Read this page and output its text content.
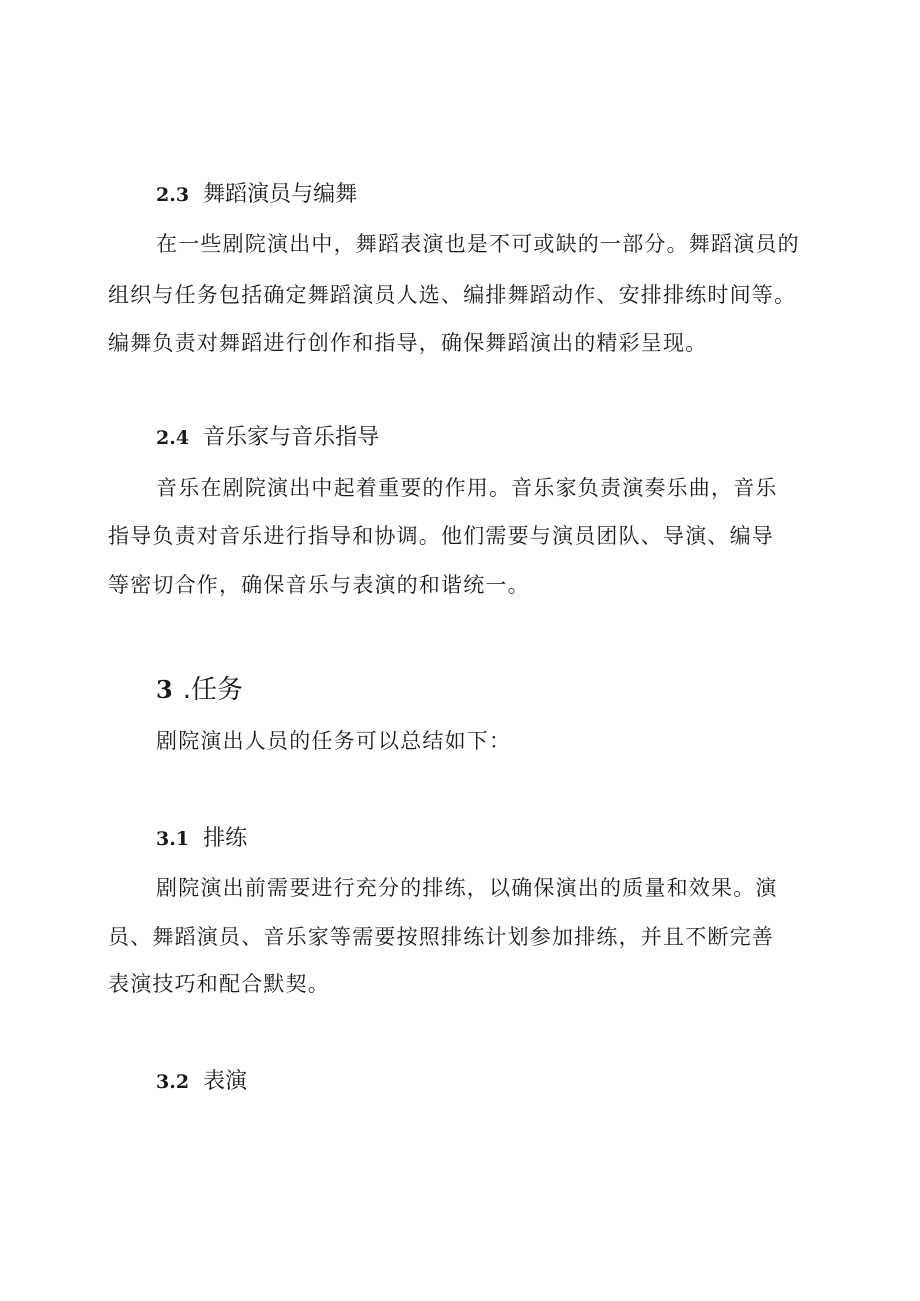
2.3 舞蹈演员与编舞
在一些剧院演出中，舞蹈表演也是不可或缺的一部分。舞蹈演员的
组织与任务包括确定舞蹈演员人选、编排舞蹈动作、安排排练时间等。
编舞负责对舞蹈进行创作和指导，确保舞蹈演出的精彩呈现。
2.4 音乐家与音乐指导
音乐在剧院演出中起着重要的作用。音乐家负责演奏乐曲，音乐
指导负责对音乐进行指导和协调。他们需要与演员团队、导演、编导
等密切合作，确保音乐与表演的和谐统一。
3 .任务
剧院演出人员的任务可以总结如下：
3.1 排练
剧院演出前需要进行充分的排练，以确保演出的质量和效果。演
员、舞蹈演员、音乐家等需要按照排练计划参加排练，并且不断完善
表演技巧和配合默契。
3.2 表演
